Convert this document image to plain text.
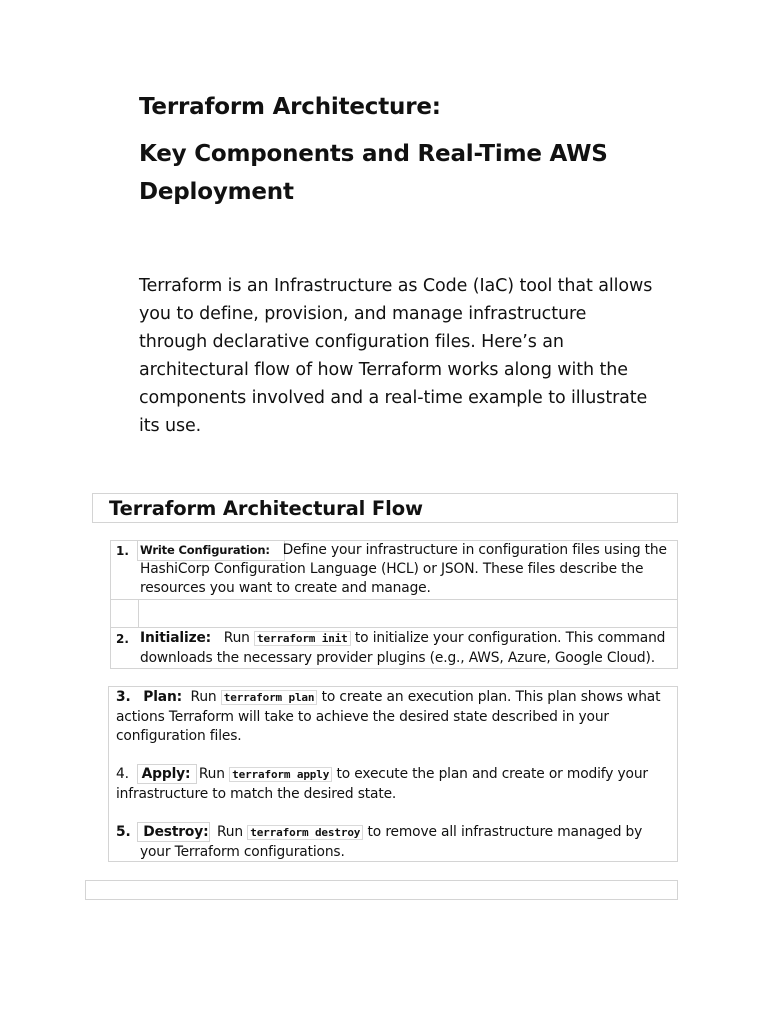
Terraform Architecture:
Key Components and Real-Time AWS
Deployment
Terraform is an Infrastructure as Code (IaC) tool that allows
you to define, provision, and manage infrastructure
through declarative configuration files. Here’s an
architectural flow of how Terraform works along with the
components involved and a real-time example to illustrate
its use.
Terraform Architectural Flow
1. Write Configuration: Define your infrastructure in configuration files using the
HashiCorp Configuration Language (HCL) or JSON. These files describe the
resources you want to create and manage.
2. Initialize: Run terraform init to initialize your configuration. This command
downloads the necessary provider plugins (e.g., AWS, Azure, Google Cloud).
3. Plan: Run terraform plan to create an execution plan. This plan shows what
actions Terraform will take to achieve the desired state described in your
configuration files.
4. Apply: Run terraform apply to execute the plan and create or modify your
infrastructure to match the desired state.
5. Destroy: Run terraform destroy to remove all infrastructure managed by
your Terraform configurations.
